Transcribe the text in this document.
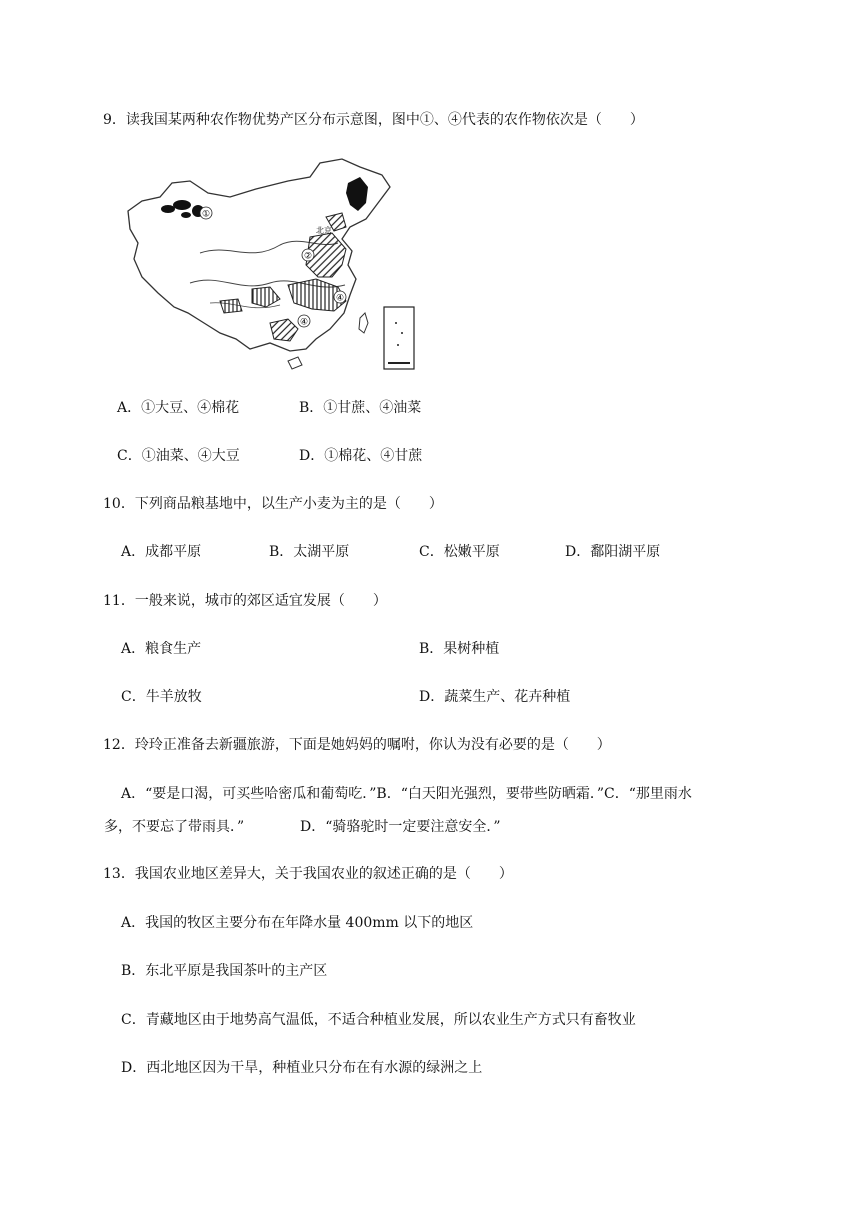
9．读我国某两种农作物优势产区分布示意图，图中①、④代表的农作物依次是（　　）
①
北京
②
④
④
A．①大豆、④棉花	B．①甘蔗、④油菜
C．①油菜、④大豆	D．①棉花、④甘蔗
10．下列商品粮基地中，以生产小麦为主的是（　　）
A．成都平原	B．太湖平原	C．松嫩平原	D．鄱阳湖平原
11．一般来说，城市的郊区适宜发展（　　）
A．粮食生产	B．果树种植
C．牛羊放牧	D．蔬菜生产、花卉种植
12．玲玲正准备去新疆旅游，下面是她妈妈的嘱咐，你认为没有必要的是（　　）
A．“要是口渴，可买些哈密瓜和葡萄吃．”B．“白天阳光强烈，要带些防晒霜．”C．“那里雨水
多，不要忘了带雨具．”	D．“骑骆驼时一定要注意安全．”
13．我国农业地区差异大，关于我国农业的叙述正确的是（　　）
A．我国的牧区主要分布在年降水量 400mm 以下的地区
B．东北平原是我国茶叶的主产区
C．青藏地区由于地势高气温低，不适合种植业发展，所以农业生产方式只有畜牧业
D．西北地区因为干旱，种植业只分布在有水源的绿洲之上
